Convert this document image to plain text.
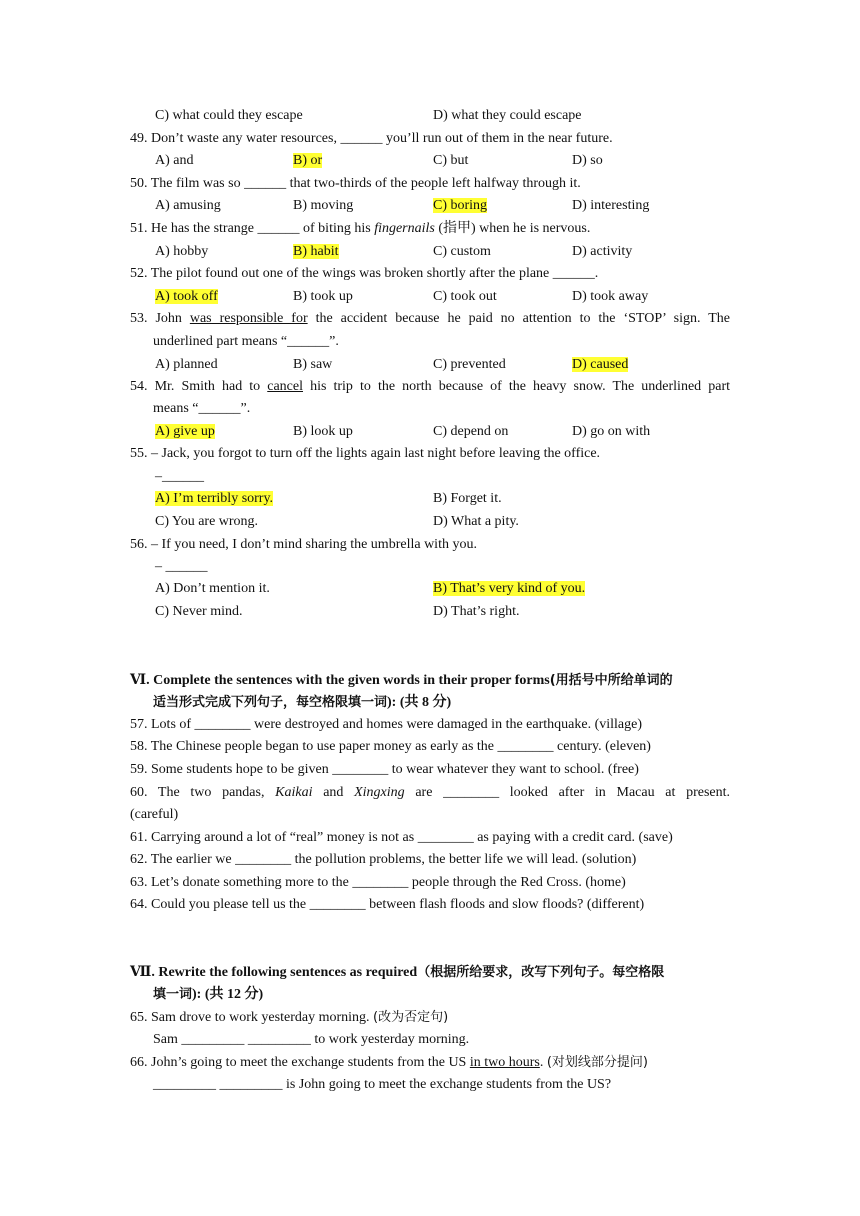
C) what could they escape	D) what they could escape
49. Don’t waste any water resources, ______ you’ll run out of them in the near future.
A) and	B) or	C) but	D) so
50. The film was so ______ that two-thirds of the people left halfway through it.
A) amusing	B) moving	C) boring	D) interesting
51. He has the strange ______ of biting his fingernails (指甲) when he is nervous.
A) hobby	B) habit	C) custom	D) activity
52. The pilot found out one of the wings was broken shortly after the plane ______.
A) took off	B) took up	C) took out	D) took away
53. John was responsible for the accident because he paid no attention to the ‘STOP’ sign. The
underlined part means “______”.
A) planned	B) saw	C) prevented	D) caused
54. Mr. Smith had to cancel his trip to the north because of the heavy snow. The underlined part
means “______”.
A) give up	B) look up	C) depend on	D) go on with
55. – Jack, you forgot to turn off the lights again last night before leaving the office.
–______
A) I’m terribly sorry.	B) Forget it.
C) You are wrong.	D) What a pity.
56. – If you need, I don’t mind sharing the umbrella with you.
– ______
A) Don’t mention it.	B) That’s very kind of you.
C) Never mind.	D) That’s right.
Ⅵ. Complete the sentences with the given words in their proper forms(用括号中所给单词的
适当形式完成下列句子，每空格限填一词): (共 8 分)
57. Lots of ________ were destroyed and homes were damaged in the earthquake. (village)
58. The Chinese people began to use paper money as early as the ________ century. (eleven)
59. Some students hope to be given ________ to wear whatever they want to school. (free)
60. The two pandas, Kaikai and Xingxing are ________ looked after in Macau at present.
(careful)
61. Carrying around a lot of “real” money is not as ________ as paying with a credit card. (save)
62. The earlier we ________ the pollution problems, the better life we will lead. (solution)
63. Let’s donate something more to the ________ people through the Red Cross. (home)
64. Could you please tell us the ________ between flash floods and slow floods? (different)
Ⅶ. Rewrite the following sentences as required（根据所给要求，改写下列句子。每空格限
填一词): (共 12 分)
65. Sam drove to work yesterday morning. (改为否定句)
Sam _________ _________ to work yesterday morning.
66. John’s going to meet the exchange students from the US in two hours. (对划线部分提问)
_________ _________ is John going to meet the exchange students from the US?
